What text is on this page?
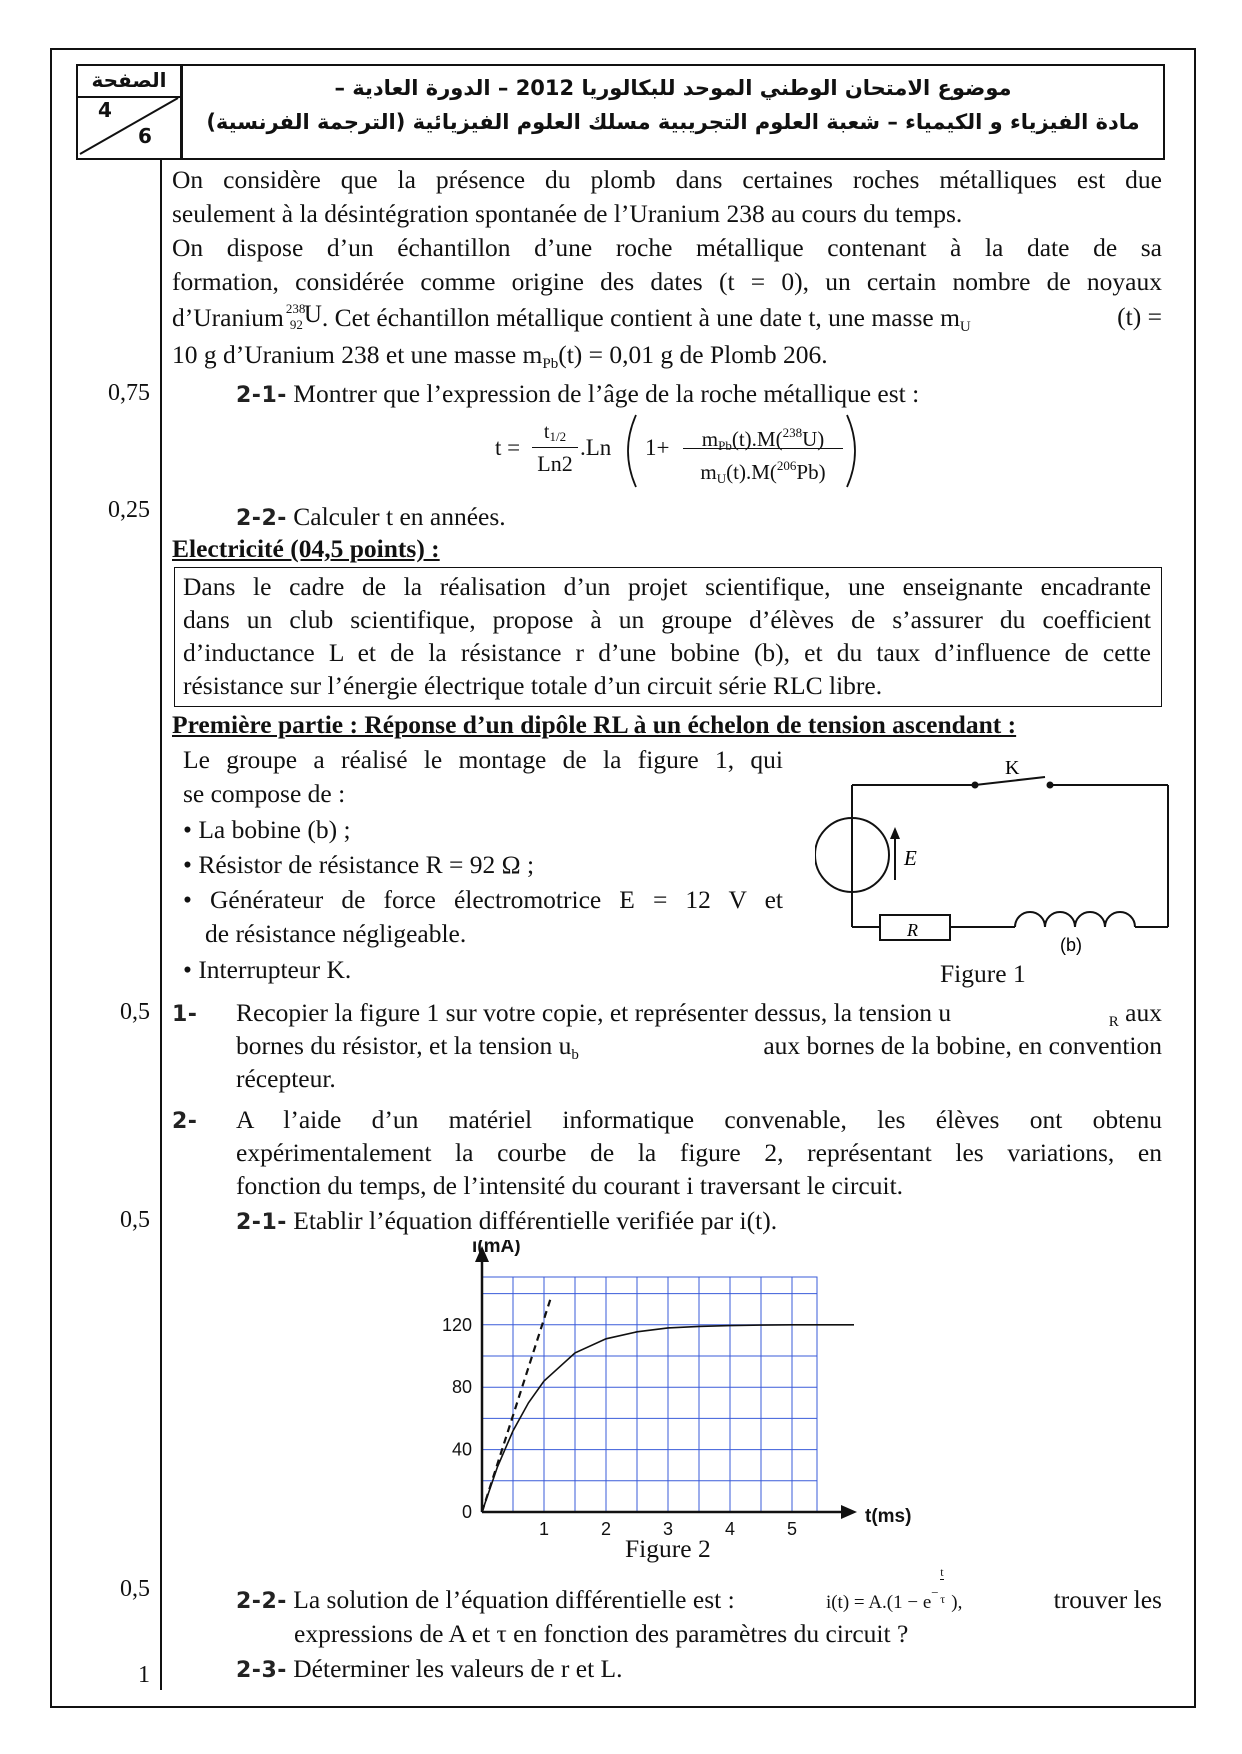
الصفحة
4
6
موضوع الامتحان الوطني الموحد للبكالوريا 2012 – الدورة العادية –
مادة الفيزياء و الكيمياء – شعبة العلوم التجريبية مسلك العلوم الفيزيائية (الترجمة الفرنسية)
0,75
0,25
0,5
0,5
0,5
1
On considère que la présence du plomb dans certaines roches métalliques est due
seulement à la désintégration spontanée de l’Uranium 238 au cours du temps.
On dispose d’un échantillon d’une roche métallique contenant à la date de sa
formation, considérée comme origine des dates (t = 0), un certain nombre de noyaux
d’Uranium 238
92 U . Cet échantillon métallique contient à une date t, une masse $m_U$	(t) =
10 g d’Uranium 238 et une masse $m_{Pb}(t) = 0,01$ g de Plomb 206.
2-1- Montrer que l’expression de l’âge de la roche métallique est :
t =
t1/2
Ln2
.Ln 1+	mPb(t).M($^{238}$U)
mU(t).M($^{206}$Pb)
2-2- Calculer t en années.
Electricité (04,5 points) :
Dans le cadre de la réalisation d’un projet scientifique, une enseignante encadrante
dans un club scientifique, propose à un groupe d’élèves de s’assurer du coefficient
d’inductance L et de la résistance r d’une bobine (b), et du taux d’influence de cette
résistance sur l’énergie électrique totale d’un circuit série RLC libre.
Première partie : Réponse d’un dipôle RL à un échelon de tension ascendant :
Le groupe a réalisé le montage de la figure 1, qui
se compose de :
• La bobine (b) ;
• Résistor de résistance R = 92 Ω ;
• Générateur de force électromotrice E = 12 V et
de résistance négligeable.
• Interrupteur K.
K
E
R
(b)
Figure 1
1- Recopier la figure 1 sur votre copie, et représenter dessus, la tension u	$_R$ aux
bornes du résistor, et la tension $u_b$	aux bornes de la bobine, en convention
récepteur.
2- A l’aide d’un matériel informatique convenable, les élèves ont obtenu
expérimentalement la courbe de la figure 2, représentant les variations, en
fonction du temps, de l’intensité du courant i traversant le circuit.
2-1- Etablir l’équation différentielle verifiée par i(t).
1	2	3	4	5
0
40
80
120
t(ms)
i(mA)
Figure 2
2-2- La solution de l’équation différentielle est :	i(t) = A.(1 − e −
t
τ ),	trouver les
expressions de A et τ en fonction des paramètres du circuit ?
2-3- Déterminer les valeurs de r et L.
